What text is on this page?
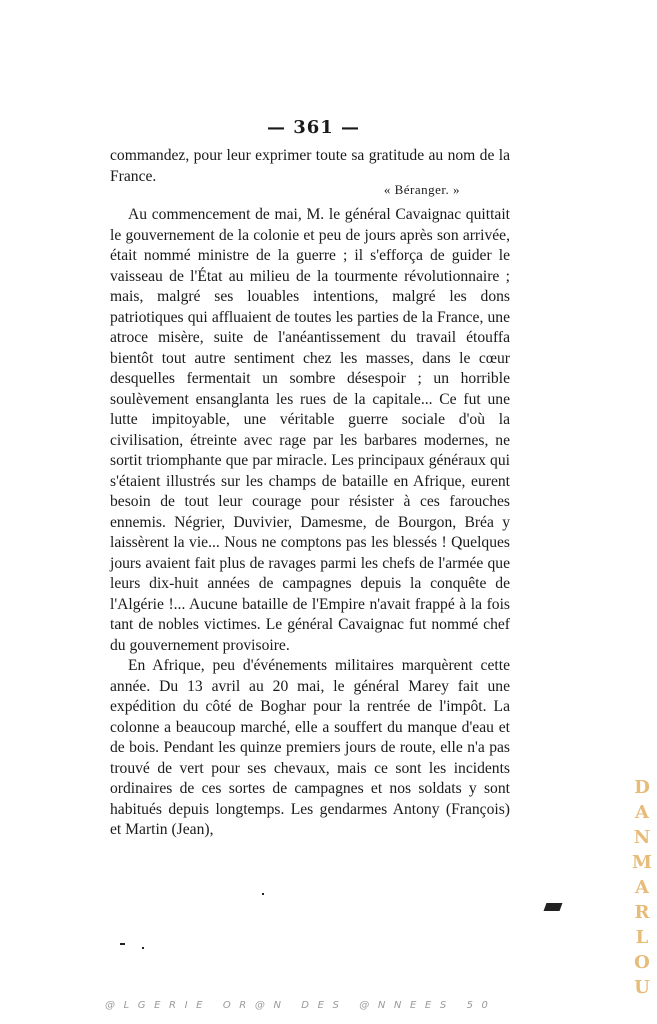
— 361 —

commandez, pour leur exprimer toute sa gratitude au nom de la France.

« Béranger. »

Au commencement de mai, M. le général Cavaignac quittait le gouvernement de la colonie et peu de jours après son arrivée, était nommé ministre de la guerre ; il s'efforça de guider le vaisseau de l'État au milieu de la tourmente révolutionnaire ; mais, malgré ses louables intentions, malgré les dons patriotiques qui affluaient de toutes les parties de la France, une atroce misère, suite de l'anéantissement du travail étouffa bientôt tout autre sentiment chez les masses, dans le cœur desquelles fermentait un sombre désespoir ; un horrible soulèvement ensanglanta les rues de la capitale... Ce fut une lutte impitoyable, une véritable guerre sociale d'où la civilisation, étreinte avec rage par les barbares modernes, ne sortit triomphante que par miracle. Les principaux généraux qui s'étaient illustrés sur les champs de bataille en Afrique, eurent besoin de tout leur courage pour résister à ces farouches ennemis. Négrier, Duvivier, Damesme, de Bourgon, Bréa y laissèrent la vie... Nous ne comptons pas les blessés ! Quelques jours avaient fait plus de ravages parmi les chefs de l'armée que leurs dix-huit années de campagnes depuis la conquête de l'Algérie !... Aucune bataille de l'Empire n'avait frappé à la fois tant de nobles victimes. Le général Cavaignac fut nommé chef du gouvernement provisoire.

En Afrique, peu d'événements militaires marquèrent cette année. Du 13 avril au 20 mai, le général Marey fait une expédition du côté de Boghar pour la rentrée de l'impôt. La colonne a beaucoup marché, elle a souffert du manque d'eau et de bois. Pendant les quinze premiers jours de route, elle n'a pas trouvé de vert pour ses chevaux, mais ce sont les incidents ordinaires de ces sortes de campagnes et nos soldats y sont habitués depuis longtemps. Les gendarmes Antony (François) et Martin (Jean),

DANMARLOU
@LGERIE OR@N DES @NNEES 50
